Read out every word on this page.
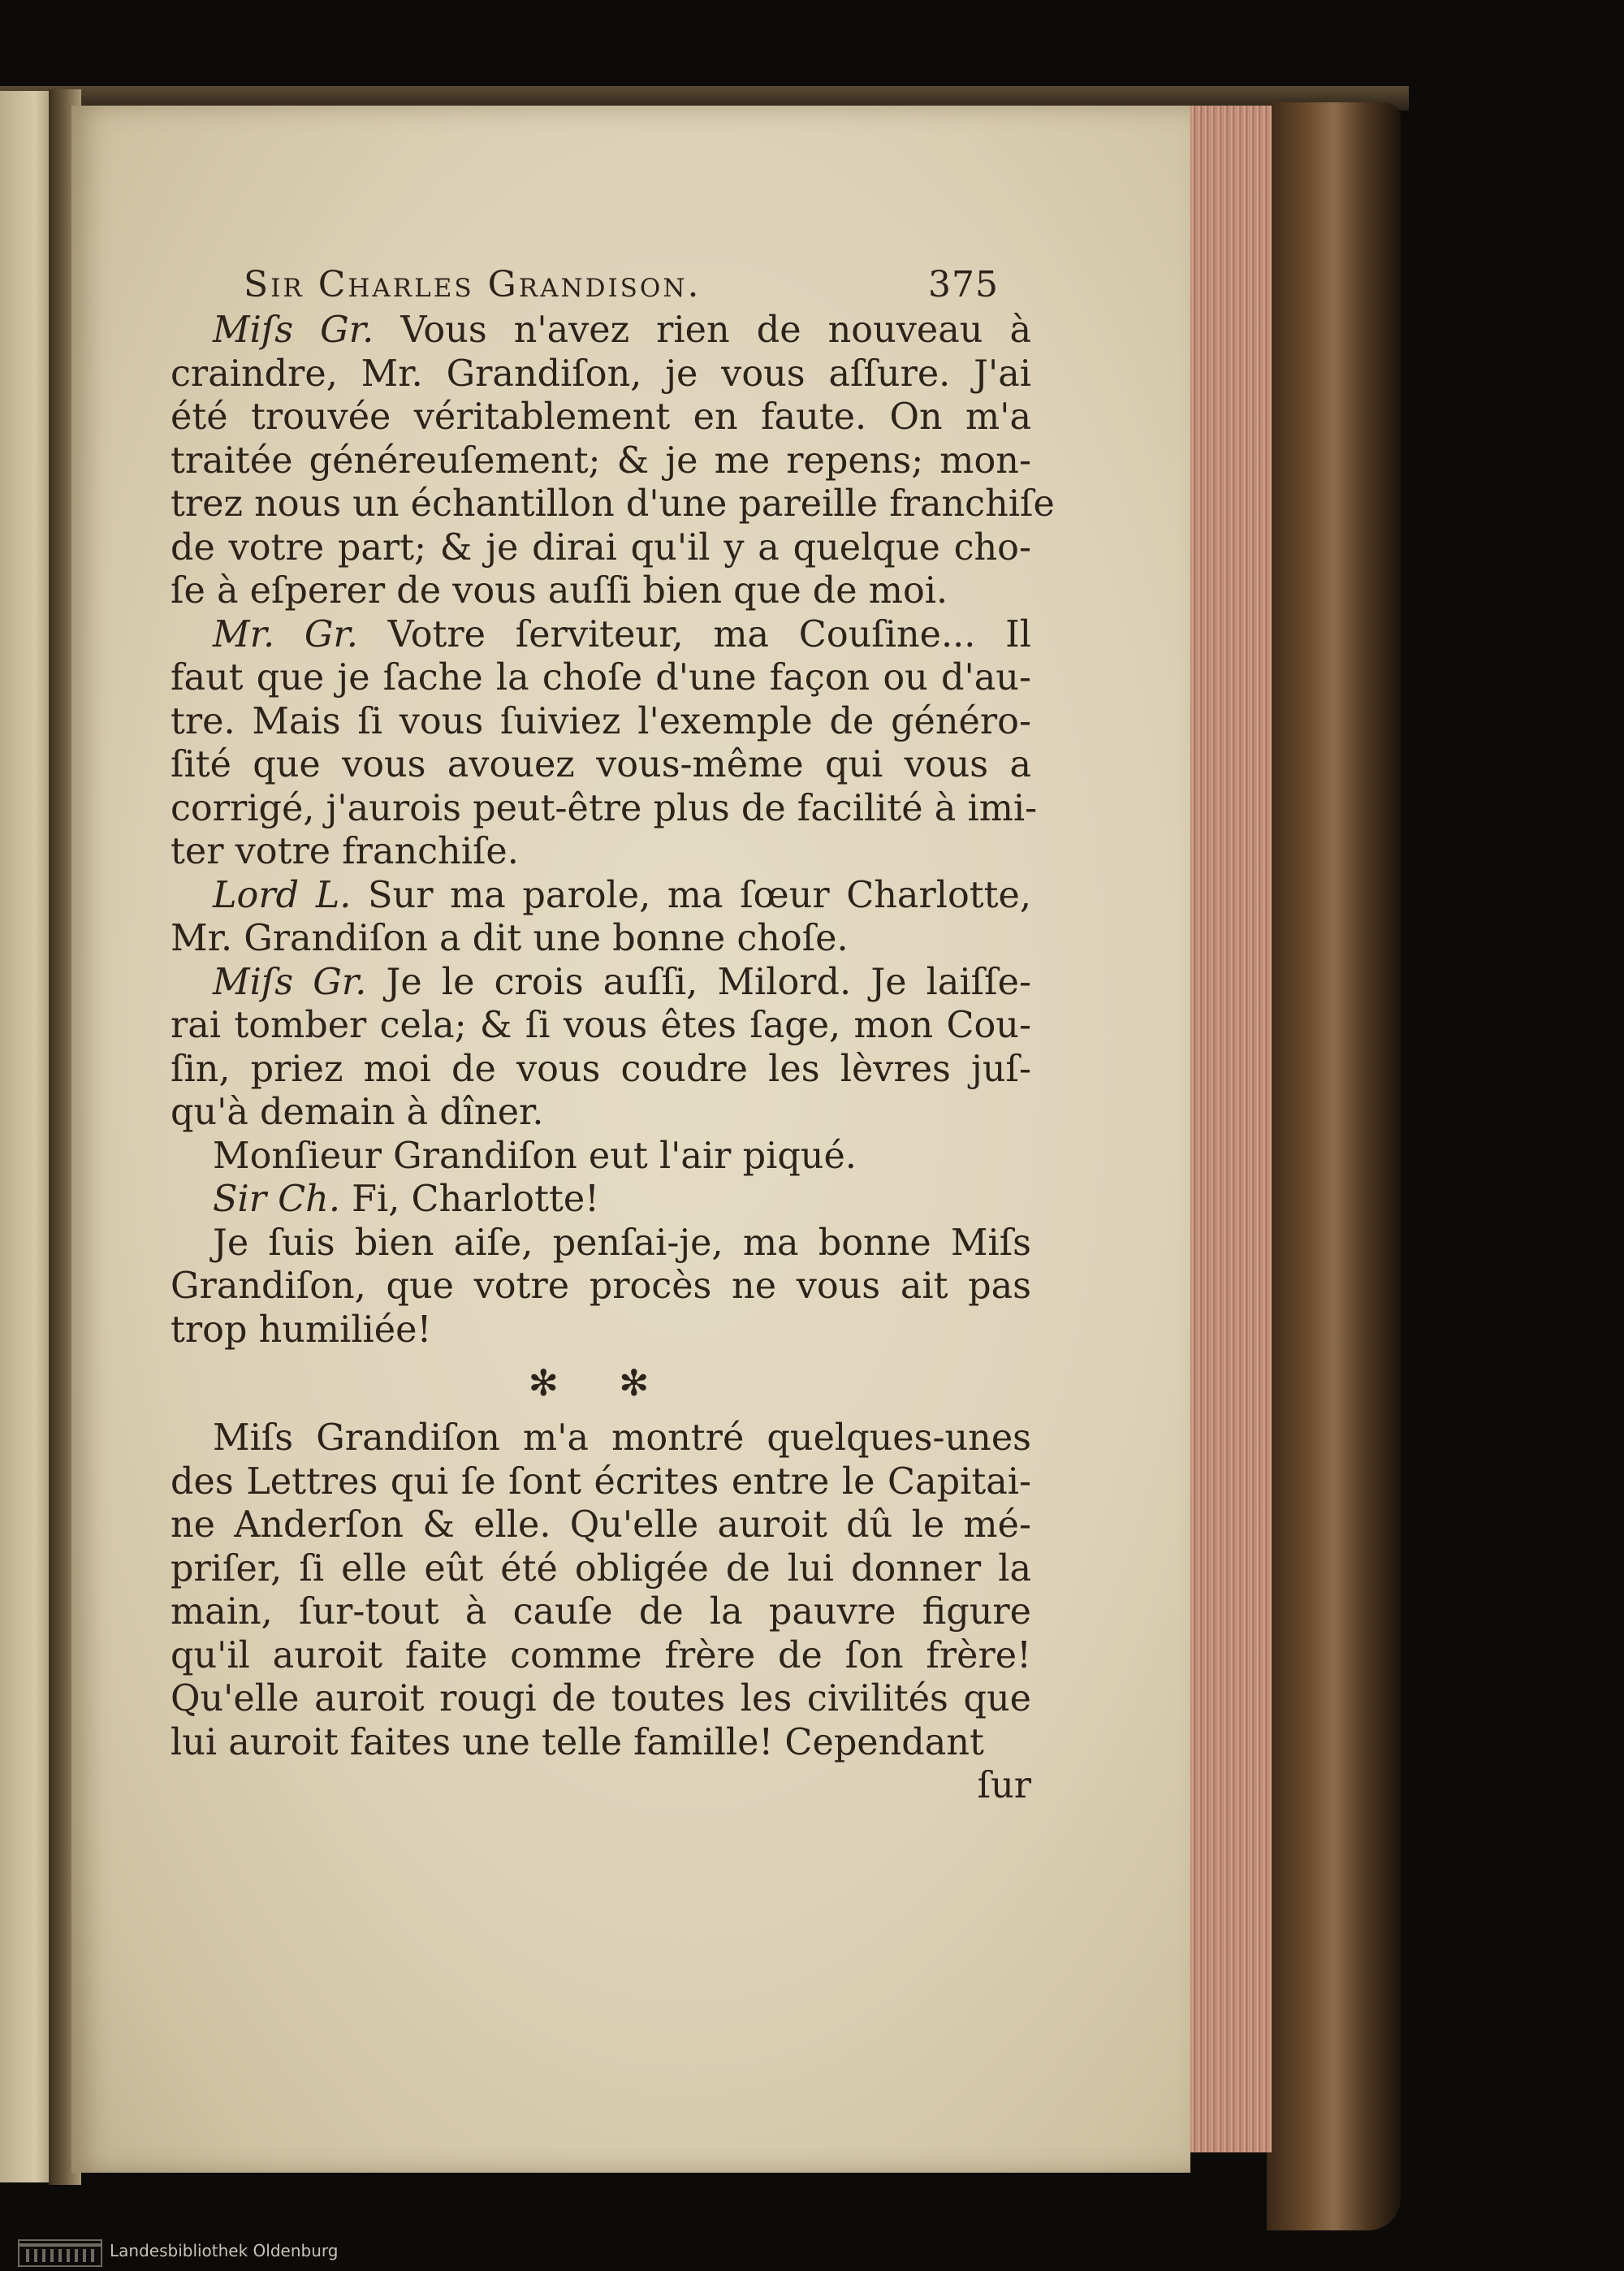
Sir Charles Grandison.	375
Miſs Gr. Vous n'avez rien de nouveau à
craindre, Mr. Grandiſon, je vous aſſure. J'ai
été trouvée véritablement en faute. On m'a
traitée généreuſement; & je me repens; mon-
trez nous un échantillon d'une pareille franchiſe
de votre part; & je dirai qu'il y a quelque cho-
ſe à eſperer de vous auſſi bien que de moi.
Mr. Gr. Votre ſerviteur, ma Couſine... Il
faut que je ſache la choſe d'une façon ou d'au-
tre. Mais ſi vous ſuiviez l'exemple de généro-
ſité que vous avouez vous-même qui vous a
corrigé, j'aurois peut-être plus de facilité à imi-
ter votre franchiſe.
Lord L. Sur ma parole, ma ſœur Charlotte,
Mr. Grandiſon a dit une bonne choſe.
Miſs Gr. Je le crois auſſi, Milord. Je laiſſe-
rai tomber cela; & ſi vous êtes ſage, mon Cou-
ſin, priez moi de vous coudre les lèvres juſ-
qu'à demain à dîner.
Monſieur Grandiſon eut l'air piqué.
Sir Ch. Fi, Charlotte!
Je ſuis bien aiſe, penſai-je, ma bonne Miſs
Grandiſon, que votre procès ne vous ait pas
trop humiliée!
✻ ✻
Miſs Grandiſon m'a montré quelques-unes
des Lettres qui ſe ſont écrites entre le Capitai-
ne Anderſon & elle. Qu'elle auroit dû le mé-
priſer, ſi elle eût été obligée de lui donner la
main, ſur-tout à cauſe de la pauvre figure
qu'il auroit faite comme frère de ſon frère!
Qu'elle auroit rougi de toutes les civilités que
lui auroit faites une telle famille! Cependant
ſur
Landesbibliothek Oldenburg
